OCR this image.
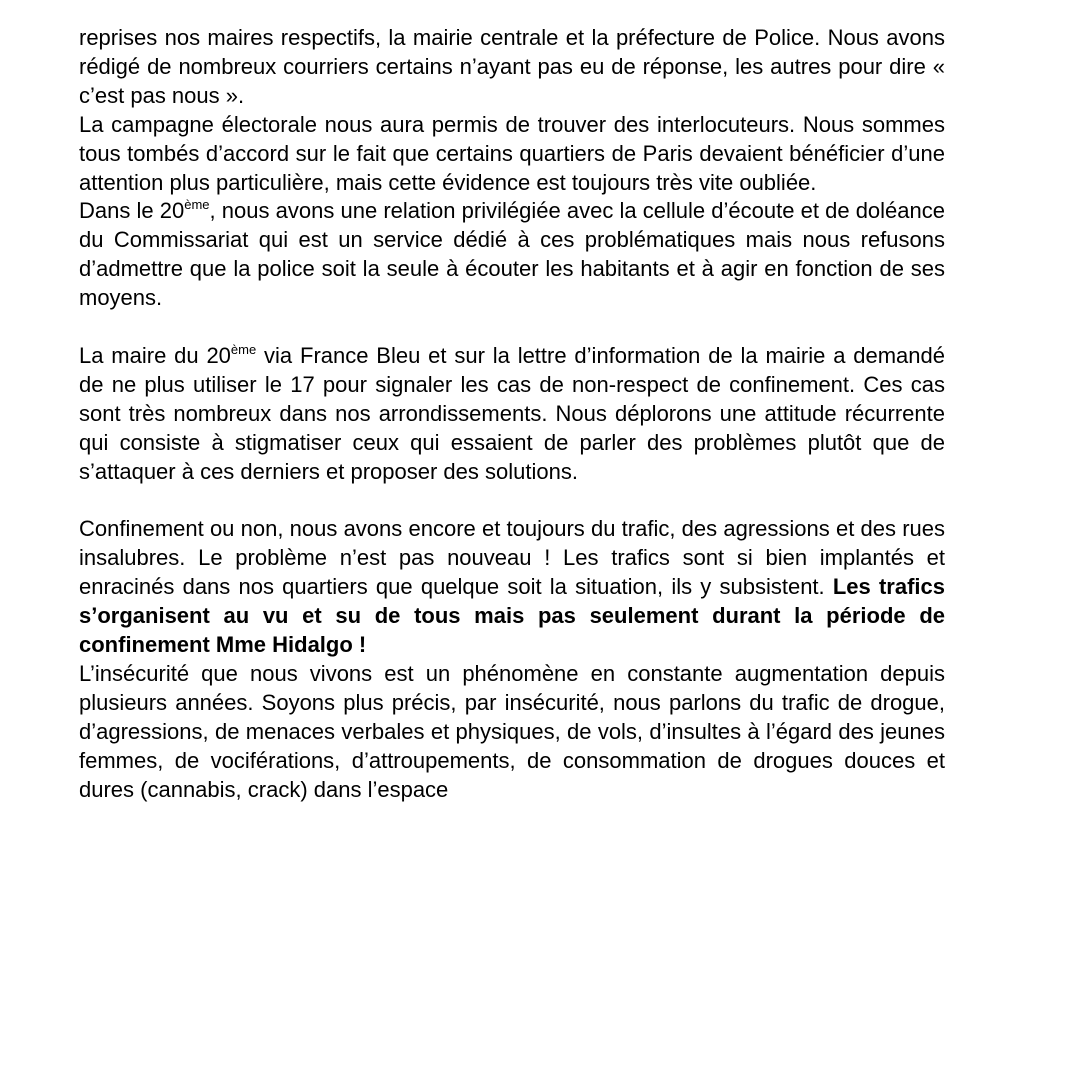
reprises nos maires respectifs, la mairie centrale et la préfecture de Police. Nous avons rédigé de nombreux courriers certains n’ayant pas eu de réponse, les autres pour dire « c’est pas nous ».

La campagne électorale nous aura permis de trouver des interlocuteurs. Nous sommes tous tombés d’accord sur le fait que certains quartiers de Paris devaient bénéficier d’une attention plus particulière, mais cette évidence est toujours très vite oubliée.

Dans le 20ème, nous avons une relation privilégiée avec la cellule d’écoute et de doléance du Commissariat qui est un service dédié à ces problématiques mais nous refusons d’admettre que la police soit la seule à écouter les habitants et à agir en fonction de ses moyens.

La maire du 20ème via France Bleu et sur la lettre d’information de la mairie a demandé de ne plus utiliser le 17 pour signaler les cas de non-respect de confinement. Ces cas sont très nombreux dans nos arrondissements. Nous déplorons une attitude récurrente qui consiste à stigmatiser ceux qui essaient de parler des problèmes plutôt que de s’attaquer à ces derniers et proposer des solutions.

Confinement ou non, nous avons encore et toujours du trafic, des agressions et des rues insalubres. Le problème n’est pas nouveau ! Les trafics sont si bien implantés et enracinés dans nos quartiers que quelque soit la situation, ils y subsistent. Les trafics s’organisent au vu et su de tous mais pas seulement durant la période de confinement Mme Hidalgo !

L’insécurité que nous vivons est un phénomène en constante augmentation depuis plusieurs années. Soyons plus précis, par insécurité, nous parlons du trafic de drogue, d’agressions, de menaces verbales et physiques, de vols, d’insultes à l’égard des jeunes femmes, de vociférations, d’attroupements, de consommation de drogues douces et dures (cannabis, crack) dans l’espace
